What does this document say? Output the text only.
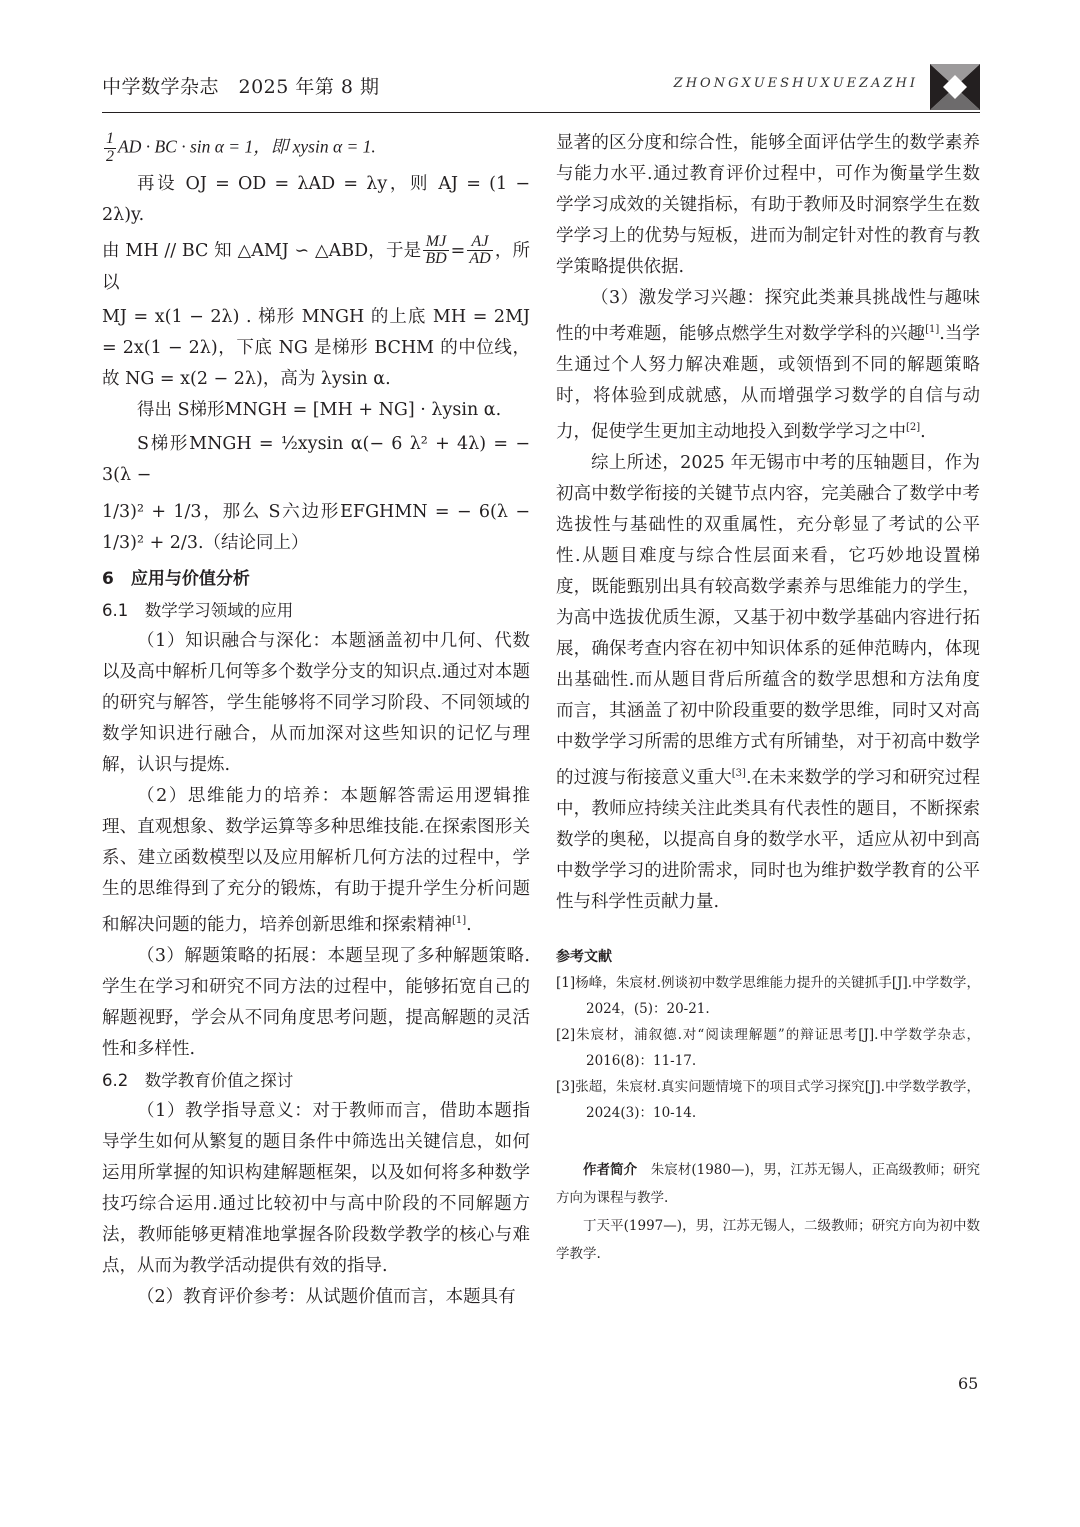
中学数学杂志　2025 年第 8 期	ZHONGXUESHUXUEZAZHI

$\frac{1}{2}$ AD · BC · sin α = 1，即 xysin α = 1.

再设 OJ = OD = λAD = λy，则 AJ = (1 − 2λ)y.

由 MH // BC 知 △AMJ ∽ △ABD，于是 $\frac{MJ}{BD} = \frac{AJ}{AD}$ ，所以

MJ = x(1 − 2λ) . 梯形 MNGH 的上底 MH = 2MJ = 2x(1 − 2λ)，下底 NG 是梯形 BCHM 的中位线，故 NG = x(2 − 2λ)，高为 λysin α.

得出 S梯形MNGH = [MH + NG] · λysin α.

S梯形MNGH = ½xysin α(− 6 λ² + 4λ) = − 3(λ −

1/3)² + 1/3，那么 S六边形EFGHMN = − 6(λ − 1/3)² + 2/3.（结论同上）

6　应用与价值分析

6.1　数学学习领域的应用

（1）知识融合与深化：本题涵盖初中几何、代数以及高中解析几何等多个数学分支的知识点.通过对本题的研究与解答，学生能够将不同学习阶段、不同领域的数学知识进行融合，从而加深对这些知识的记忆与理解，认识与提炼.

（2）思维能力的培养：本题解答需运用逻辑推理、直观想象、数学运算等多种思维技能.在探索图形关系、建立函数模型以及应用解析几何方法的过程中，学生的思维得到了充分的锻炼，有助于提升学生分析问题和解决问题的能力，培养创新思维和探索精神[1].

（3）解题策略的拓展：本题呈现了多种解题策略.学生在学习和研究不同方法的过程中，能够拓宽自己的解题视野，学会从不同角度思考问题，提高解题的灵活性和多样性.

6.2　数学教育价值之探讨

（1）教学指导意义：对于教师而言，借助本题指导学生如何从繁复的题目条件中筛选出关键信息，如何运用所掌握的知识构建解题框架，以及如何将多种数学技巧综合运用.通过比较初中与高中阶段的不同解题方法，教师能够更精准地掌握各阶段数学教学的核心与难点，从而为教学活动提供有效的指导.

（2）教育评价参考：从试题价值而言，本题具有

显著的区分度和综合性，能够全面评估学生的数学素养与能力水平.通过教育评价过程中，可作为衡量学生数学学习成效的关键指标，有助于教师及时洞察学生在数学学习上的优势与短板，进而为制定针对性的教育与教学策略提供依据.

（3）激发学习兴趣：探究此类兼具挑战性与趣味性的中考难题，能够点燃学生对数学学科的兴趣[1].当学生通过个人努力解决难题，或领悟到不同的解题策略时，将体验到成就感，从而增强学习数学的自信与动力，促使学生更加主动地投入到数学学习之中[2].

综上所述，2025 年无锡市中考的压轴题目，作为初高中数学衔接的关键节点内容，完美融合了数学中考选拔性与基础性的双重属性，充分彰显了考试的公平性.从题目难度与综合性层面来看，它巧妙地设置梯度，既能甄别出具有较高数学素养与思维能力的学生，为高中选拔优质生源，又基于初中数学基础内容进行拓展，确保考查内容在初中知识体系的延伸范畴内，体现出基础性.而从题目背后所蕴含的数学思想和方法角度而言，其涵盖了初中阶段重要的数学思维，同时又对高中数学学习所需的思维方式有所铺垫，对于初高中数学的过渡与衔接意义重大[3].在未来数学的学习和研究过程中，教师应持续关注此类具有代表性的题目，不断探索数学的奥秘，以提高自身的数学水平，适应从初中到高中数学学习的进阶需求，同时也为维护数学教育的公平性与科学性贡献力量.

参考文献

[1]杨峰，朱宸材.例谈初中数学思维能力提升的关键抓手[J].中学数学，2024，(5)：20-21.

[2]朱宸材，浦叙德.对“阅读理解题”的辩证思考[J].中学数学杂志，2016(8)：11-17.

[3]张超，朱宸材.真实问题情境下的项目式学习探究[J].中学数学教学，2024(3)：10-14.

作者简介　 朱宸材(1980—)，男，江苏无锡人，正高级教师；研究方向为课程与教学.

丁天平(1997—)，男，江苏无锡人，二级教师；研究方向为初中数学教学.

65
